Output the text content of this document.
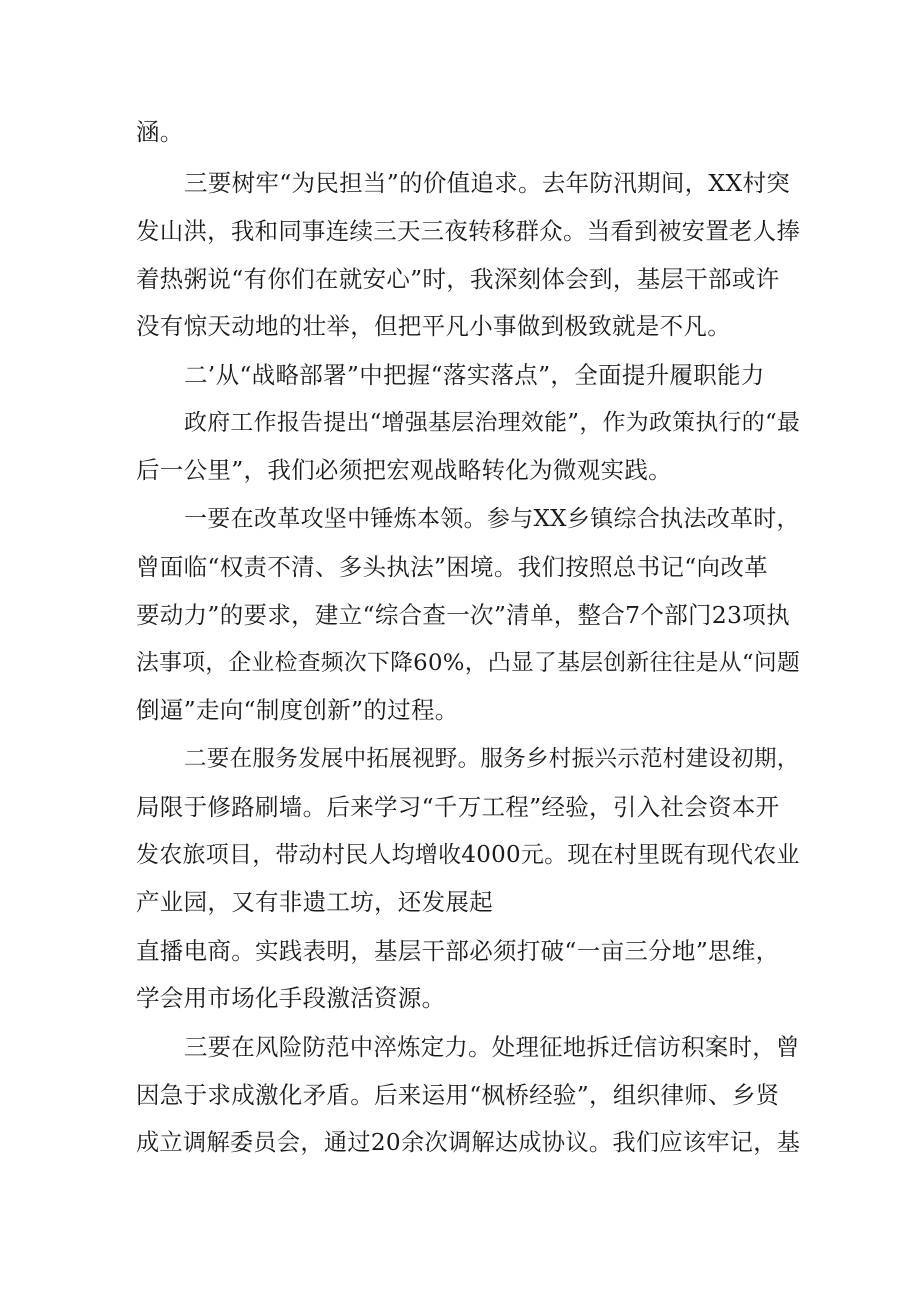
涵。
三要树牢“为民担当”的价值追求。去年防汛期间，XX村突
发山洪，我和同事连续三天三夜转移群众。当看到被安置老人捧
着热粥说“有你们在就安心”时，我深刻体会到，基层干部或许
没有惊天动地的壮举，但把平凡小事做到极致就是不凡。
二’从“战略部署”中把握“落实落点”，全面提升履职能力
政府工作报告提出“增强基层治理效能”，作为政策执行的“最
后一公里”，我们必须把宏观战略转化为微观实践。
一要在改革攻坚中锤炼本领。参与XX乡镇综合执法改革时，
曾面临“权责不清、多头执法”困境。我们按照总书记“向改革
要动力”的要求，建立“综合查一次”清单，整合7个部门23项执
法事项，企业检查频次下降60%，凸显了基层创新往往是从“问题
倒逼”走向“制度创新”的过程。
二要在服务发展中拓展视野。服务乡村振兴示范村建设初期，
局限于修路刷墙。后来学习“千万工程”经验，引入社会资本开
发农旅项目，带动村民人均增收4000元。现在村里既有现代农业
产业园，又有非遗工坊，还发展起
直播电商。实践表明，基层干部必须打破“一亩三分地”思维，
学会用市场化手段激活资源。
三要在风险防范中淬炼定力。处理征地拆迁信访积案时，曾
因急于求成激化矛盾。后来运用“枫桥经验”，组织律师、乡贤
成立调解委员会，通过20余次调解达成协议。我们应该牢记，基
